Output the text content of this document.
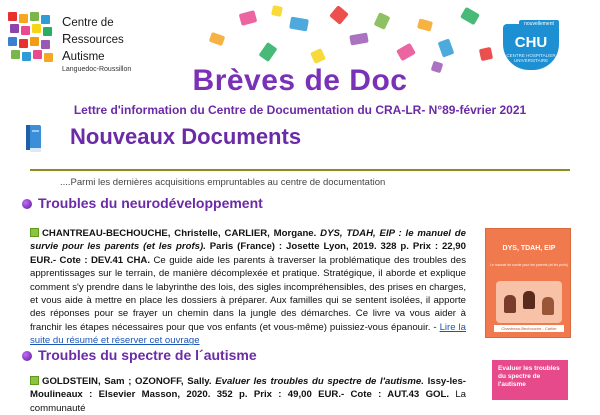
Centre de
Ressources
Autisme
Languedoc-Roussillon
nouvellement
CHU
CENTRE HOSPITALIER UNIVERSITAIRE
Brèves de Doc
Lettre d'information du Centre de Documentation du CRA-LR- N°89-février 2021
Nouveaux Documents
....Parmi les dernières acquisitions empruntables au centre de documentation
Troubles du neurodéveloppement
CHANTREAU-BECHOUCHE, Christelle, CARLIER, Morgane. DYS, TDAH, EIP : le manuel de survie pour les parents (et les profs). Paris (France) : Josette Lyon, 2019. 328 p. Prix : 22,90 EUR.- Cote : DEV.41 CHA. Ce guide aide les parents à traverser la problématique des troubles des apprentissages sur le terrain, de manière décomplexée et pratique. Stratégique, il aborde et explique comment s'y prendre dans le labyrinthe des lois, des sigles incompréhensibles, des prises en charges, et vous aide à mettre en place les dossiers à préparer. Aux familles qui se sentent isolées, il apporte des réponses pour se frayer un chemin dans la jungle des démarches. Ce livre va vous aider à franchir les étapes nécessaires pour que vos enfants (et vous-même) puissiez-vous épanouir. - Lire la suite du résumé et réserver cet ouvrage
DYS, TDAH, EIP
Le manuel de survie pour les parents (et les profs)
Chantreau-Bechouche - Carlier
Troubles du spectre de l´autisme
GOLDSTEIN, Sam ; OZONOFF, Sally. Evaluer les troubles du spectre de l'autisme. Issy-les-Moulineaux : Elsevier Masson, 2020. 352 p. Prix : 49,00 EUR.- Cote : AUT.43 GOL. La communauté
Evaluer les troubles du spectre de l'autisme
